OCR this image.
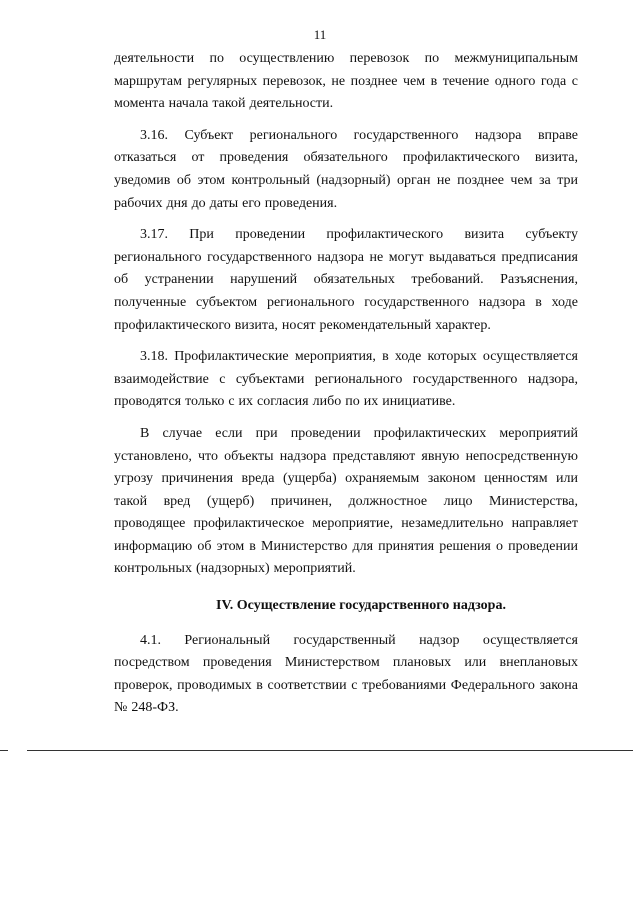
11

деятельности по осуществлению перевозок по межмуниципальным маршрутам регулярных перевозок, не позднее чем в течение одного года с момента начала такой деятельности.

3.16. Субъект регионального государственного надзора вправе отказаться от проведения обязательного профилактического визита, уведомив об этом контрольный (надзорный) орган не позднее чем за три рабочих дня до даты его проведения.

3.17. При проведении профилактического визита субъекту регионального государственного надзора не могут выдаваться предписания об устранении нарушений обязательных требований. Разъяснения, полученные субъектом регионального государственного надзора в ходе профилактического визита, носят рекомендательный характер.

3.18. Профилактические мероприятия, в ходе которых осуществляется взаимодействие с субъектами регионального государственного надзора, проводятся только с их согласия либо по их инициативе.

В случае если при проведении профилактических мероприятий установлено, что объекты надзора представляют явную непосредственную угрозу причинения вреда (ущерба) охраняемым законом ценностям или такой вред (ущерб) причинен, должностное лицо Министерства, проводящее профилактическое мероприятие, незамедлительно направляет информацию об этом в Министерство для принятия решения о проведении контрольных (надзорных) мероприятий.

IV. Осуществление государственного надзора.

4.1. Региональный государственный надзор осуществляется посредством проведения Министерством плановых или внеплановых проверок, проводимых в соответствии с требованиями Федерального закона № 248-ФЗ.
